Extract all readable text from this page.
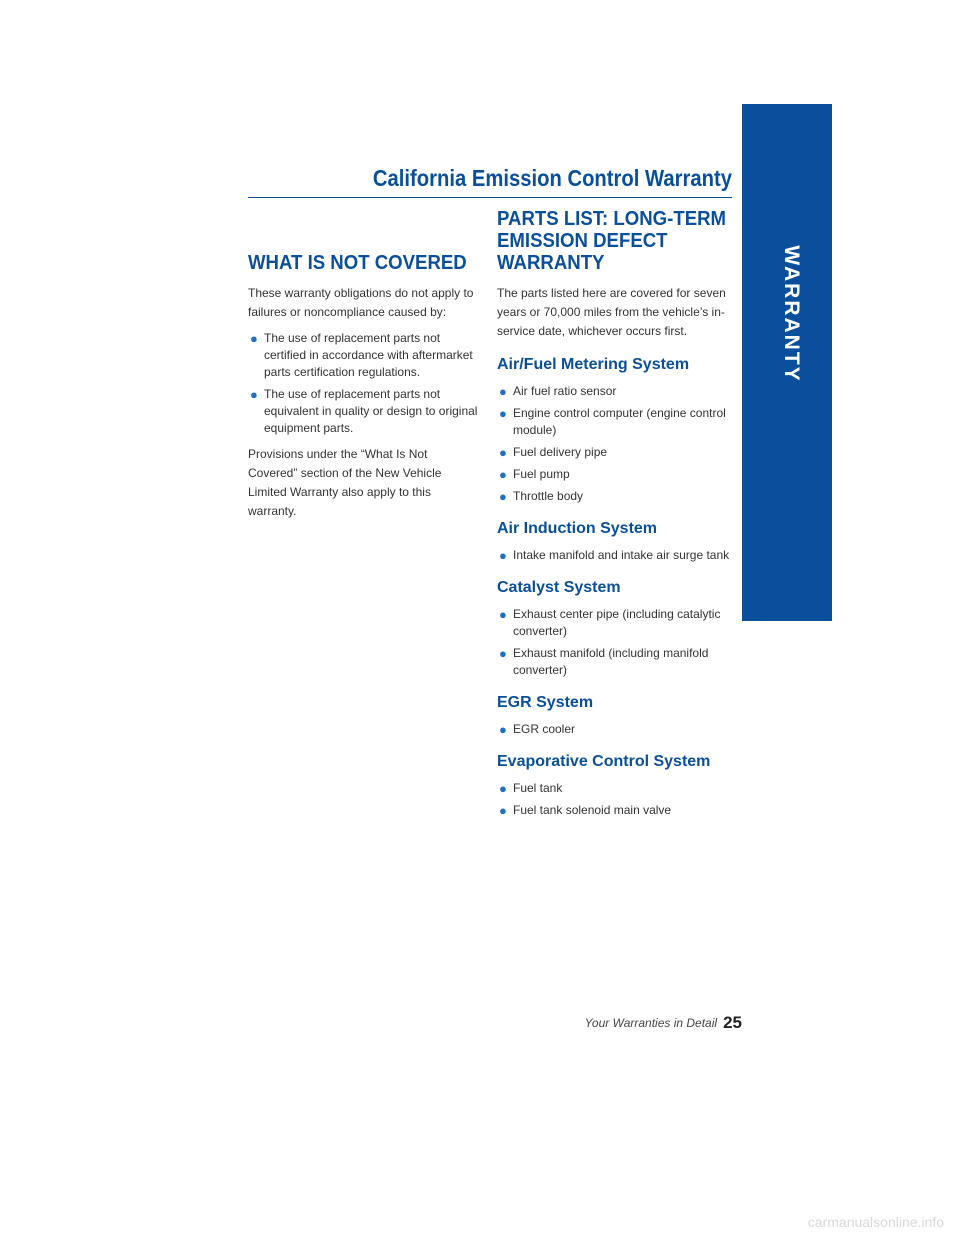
WARRANTY
California Emission Control Warranty
WHAT IS NOT COVERED

These warranty obligations do not apply to failures or noncompliance caused by:

● The use of replacement parts not certified in accordance with aftermarket parts certification regulations.
● The use of replacement parts not equivalent in quality or design to original equipment parts.

Provisions under the “What Is Not Covered” section of the New Vehicle Limited Warranty also apply to this warranty.

PARTS LIST: LONG-TERM
EMISSION DEFECT
WARRANTY

The parts listed here are covered for seven years or 70,000 miles from the vehicle’s in-service date, whichever occurs first.

Air/Fuel Metering System
● Air fuel ratio sensor
● Engine control computer (engine control module)
● Fuel delivery pipe
● Fuel pump
● Throttle body
Air Induction System
● Intake manifold and intake air surge tank
Catalyst System
● Exhaust center pipe (including catalytic converter)
● Exhaust manifold (including manifold converter)
EGR System
● EGR cooler
Evaporative Control System
● Fuel tank
● Fuel tank solenoid main valve
Your Warranties in Detail 25
carmanualsonline.info
